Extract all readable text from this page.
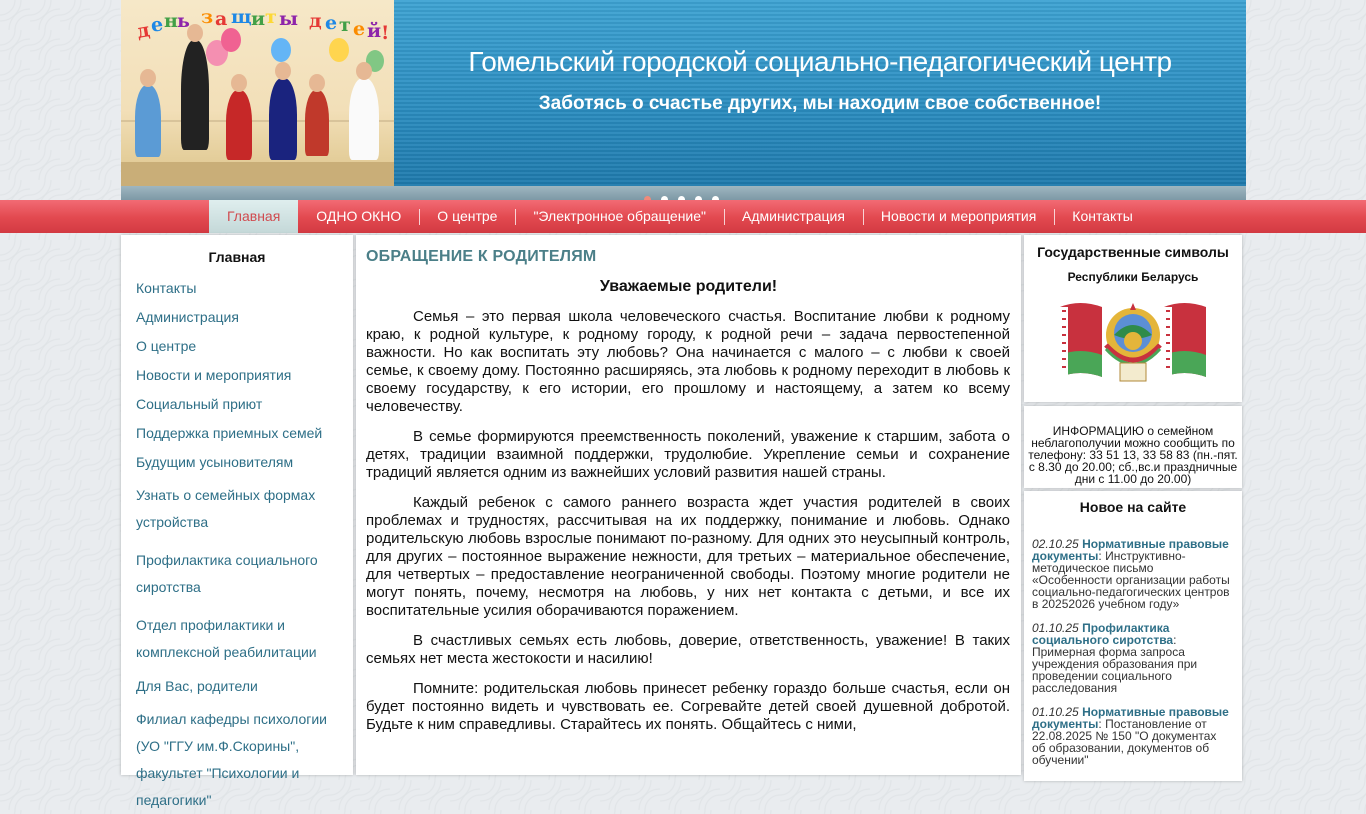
д
е н ь з а щ и т ы д е т е й !
Гомельский городской социально-педагогический центр
Заботясь о счастье других, мы находим свое собственное!
Главная	ОДНО ОКНО	О центре	"Электронное обращение"	Администрация	Новости и мероприятия	Контакты
Главная
Контакты
Администрация
О центре
Новости и мероприятия
Социальный приют
Поддержка приемных семей
Будущим усыновителям
Узнать о семейных формах устройства
Профилактика социального сиротства
Отдел профилактики и комплексной реабилитации
Для Вас, родители
Филиал кафедры психологии (УО "ГГУ им.Ф.Скорины", факультет "Психологии и педагогики"
ОБРАЩЕНИЕ К РОДИТЕЛЯМ
Уважаемые родители!

Семья – это первая школа человеческого счастья. Воспитание любви к родному краю, к родной культуре, к родному городу, к родной речи – задача первостепенной важности. Но как воспитать эту любовь? Она начинается с малого – с любви к своей семье, к своему дому. Постоянно расширяясь, эта любовь к родному переходит в любовь к своему государству, к его истории, его прошлому и настоящему, а затем ко всему человечеству.

В семье формируются преемственность поколений, уважение к старшим, забота о детях, традиции взаимной поддержки, трудолюбие. Укрепление семьи и сохранение традиций является одним из важнейших условий развития нашей страны.

Каждый ребенок с самого раннего возраста ждет участия родителей в своих проблемах и трудностях, рассчитывая на их поддержку, понимание и любовь. Однако родительскую любовь взрослые понимают по-разному. Для одних это неусыпный контроль, для других – постоянное выражение нежности, для третьих – материальное обеспечение, для четвертых – предоставление неограниченной свободы. Поэтому многие родители не могут понять, почему, несмотря на любовь, у них нет контакта с детьми, и все их воспитательные усилия оборачиваются поражением.

В счастливых семьях есть любовь, доверие, ответственность, уважение! В таких семьях нет места жестокости и насилию!

Помните: родительская любовь принесет ребенку гораздо больше счастья, если он будет постоянно видеть и чувствовать ее. Согревайте детей своей душевной добротой. Будьте к ним справедливы. Старайтесь их понять. Общайтесь с ними,

Государственные символы
Республики Беларусь
ИНФОРМАЦИЮ о семейном неблагополучии можно сообщить по телефону: 33 51 13, 33 58 83 (пн.-пят. с 8.30 до 20.00; сб.,вс.и праздничные дни с 11.00 до 20.00)
Новое на сайте
02.10.25 Нормативные правовые документы: Инструктивно-методическое письмо «Особенности организации работы социально-педагогических центров в 20252026 учебном году»
01.10.25 Профилактика социального сиротства: Примерная форма запроса учреждения образования при проведении социального расследования
01.10.25 Нормативные правовые документы: Постановление от 22.08.2025 № 150 "О документах об образовании, документов об обучении"
